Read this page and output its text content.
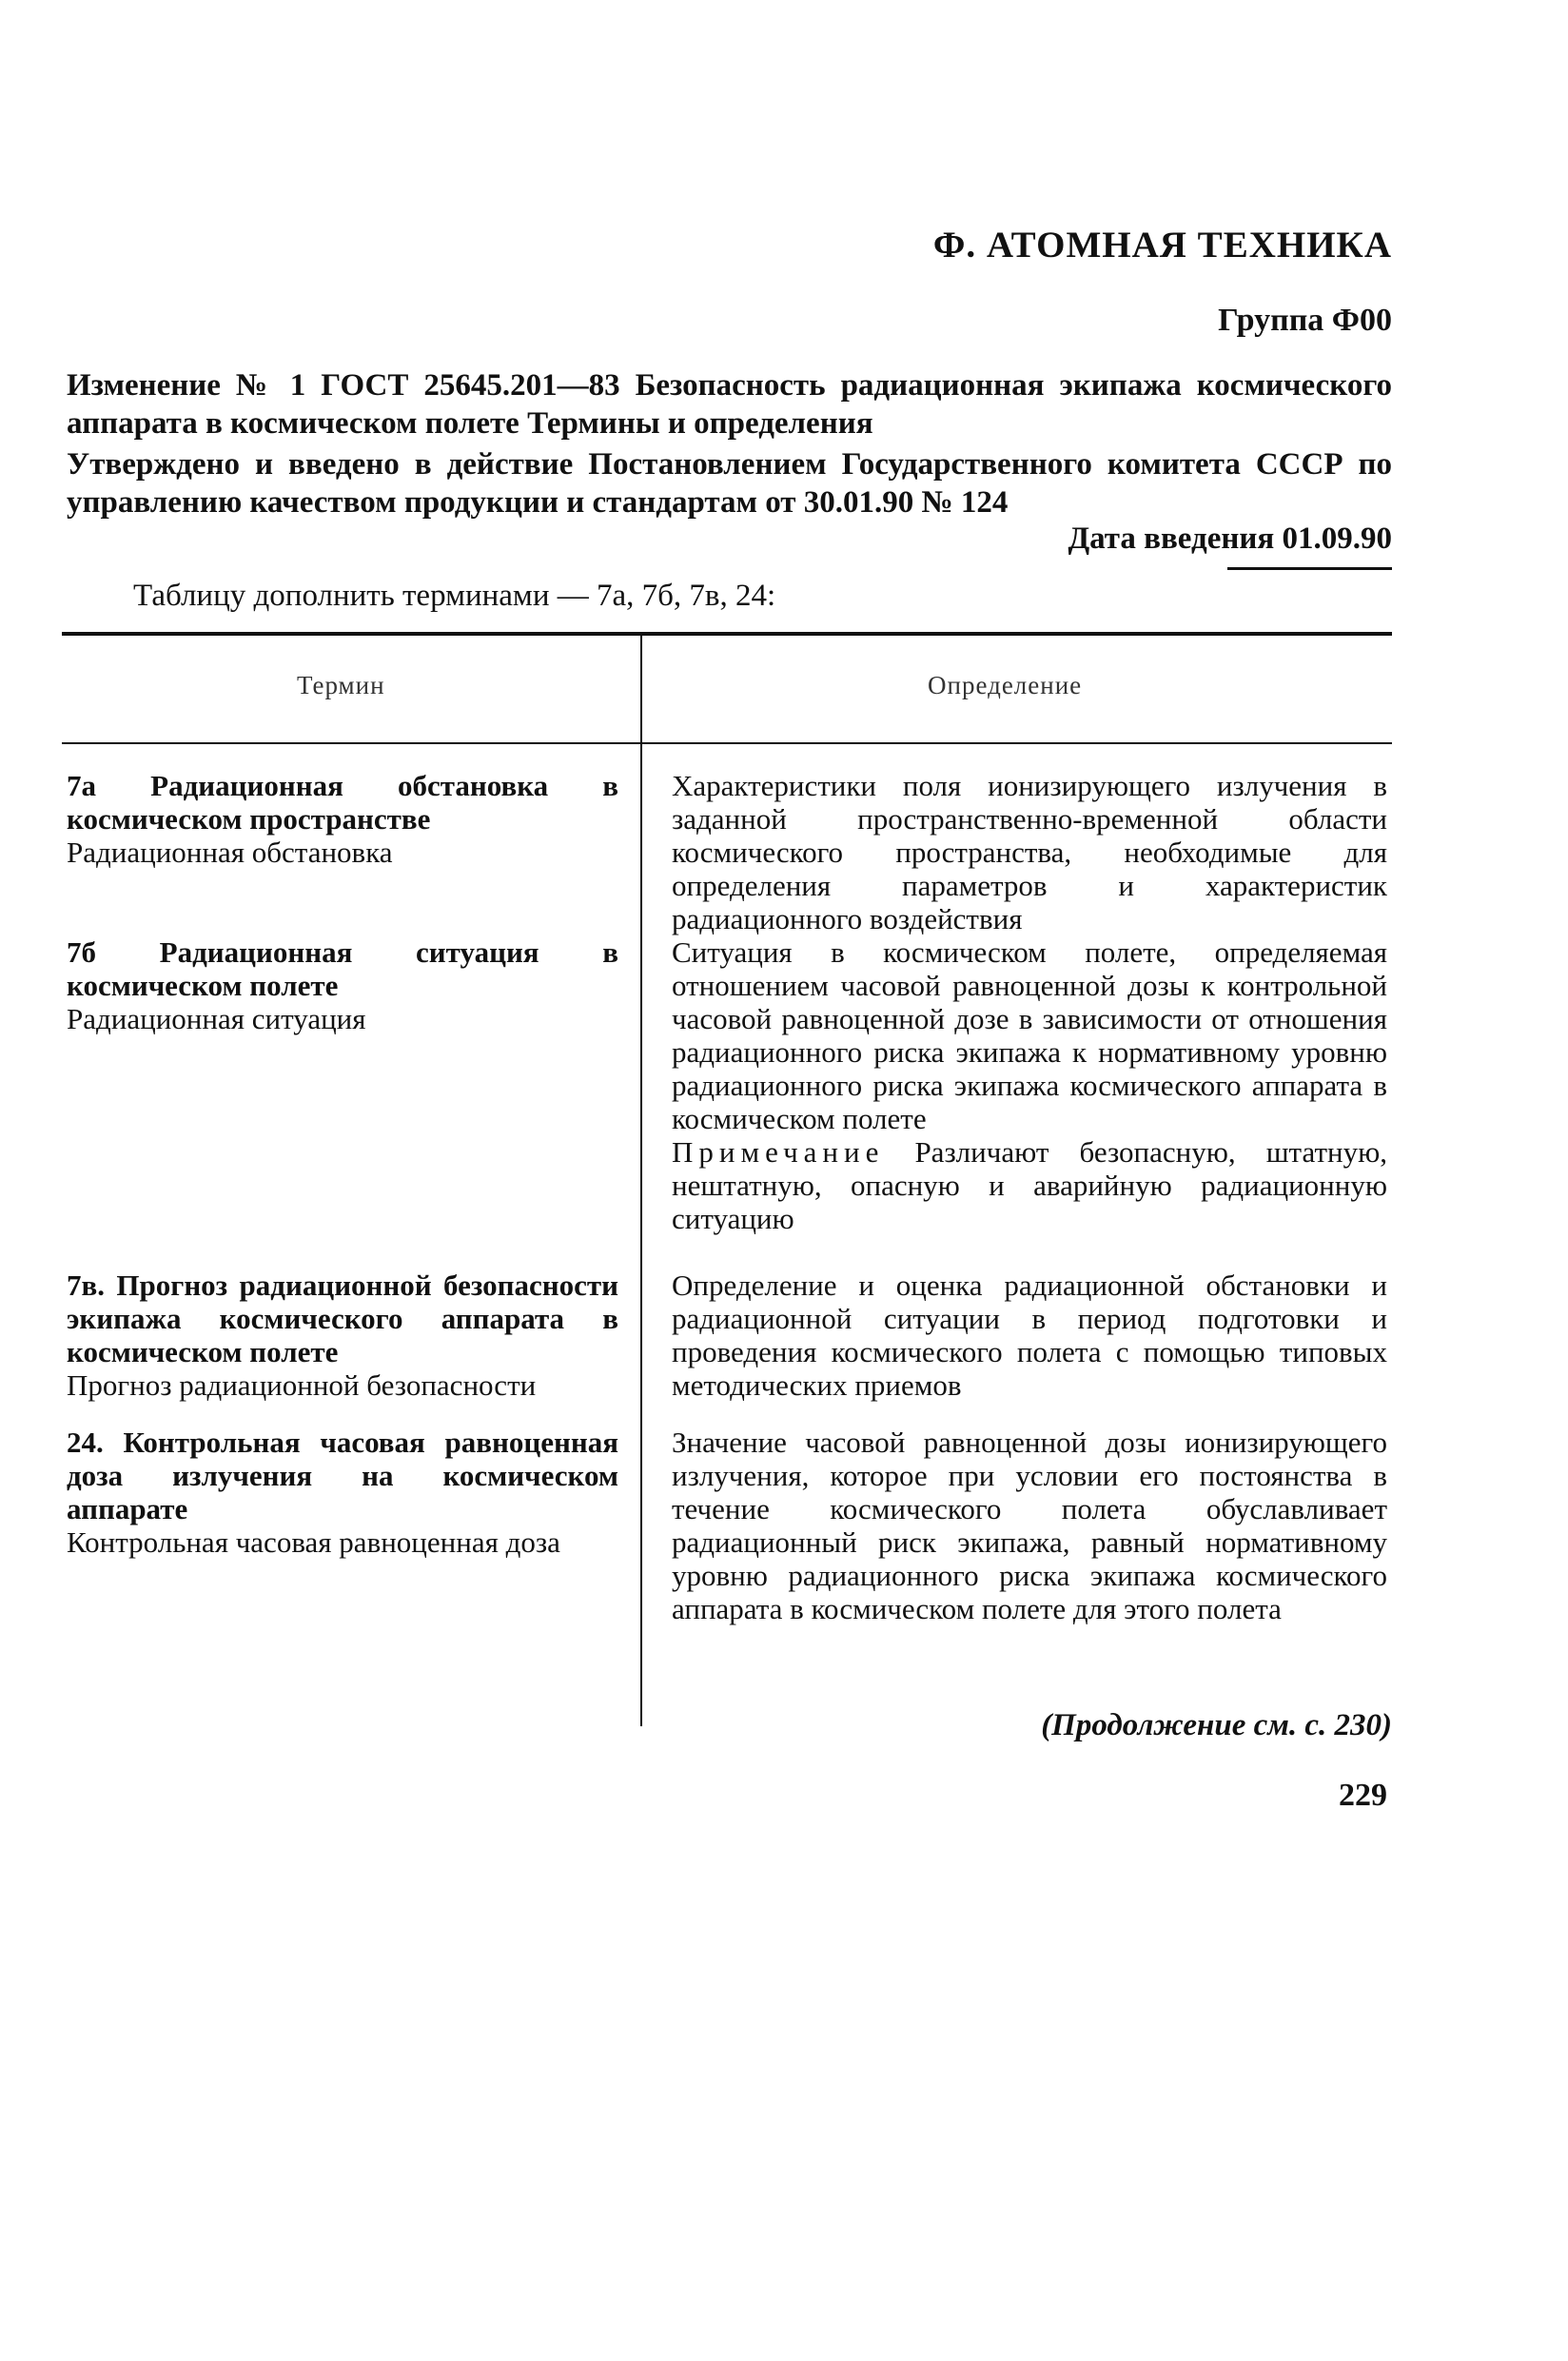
Ф. АТОМНАЯ ТЕХНИКА
Группа Ф00
Изменение № 1 ГОСТ 25645.201—83 Безопасность радиационная экипажа космического аппарата в космическом полете Термины и определения
Утверждено и введено в действие Постановлением Государственного комитета СССР по управлению качеством продукции и стандартам от 30.01.90 № 124
Дата введения 01.09.90
Таблицу дополнить терминами — 7а, 7б, 7в, 24:
Термин	Определение
7а Радиационная обстановка в космическом пространстве
Радиационная обстановка
Характеристики поля ионизирующего излучения в заданной пространственно-временной области космического пространства, необходимые для определения параметров и характеристик радиационного воздействия
7б Радиационная ситуация в космическом полете
Радиационная ситуация
Ситуация в космическом полете, определяемая отношением часовой равноценной дозы к контрольной часовой равноценной дозе в зависимости от отношения радиационного риска экипажа к нормативному уровню радиационного риска экипажа космического аппарата в космическом полете
Примечание Различают безопасную, штатную, нештатную, опасную и аварийную радиационную ситуацию
7в. Прогноз радиационной безопасности экипажа космического аппарата в космическом полете
Прогноз радиационной безопасности
Определение и оценка радиационной обстановки и радиационной ситуации в период подготовки и проведения космического полета с помощью типовых методических приемов
24. Контрольная часовая равноценная доза излучения на космическом аппарате
Контрольная часовая равноценная доза
Значение часовой равноценной дозы ионизирующего излучения, которое при условии его постоянства в течение космического полета обуславливает радиационный риск экипажа, равный нормативному уровню радиационного риска экипажа космического аппарата в космическом полете для этого полета
(Продолжение см. с. 230)
229
